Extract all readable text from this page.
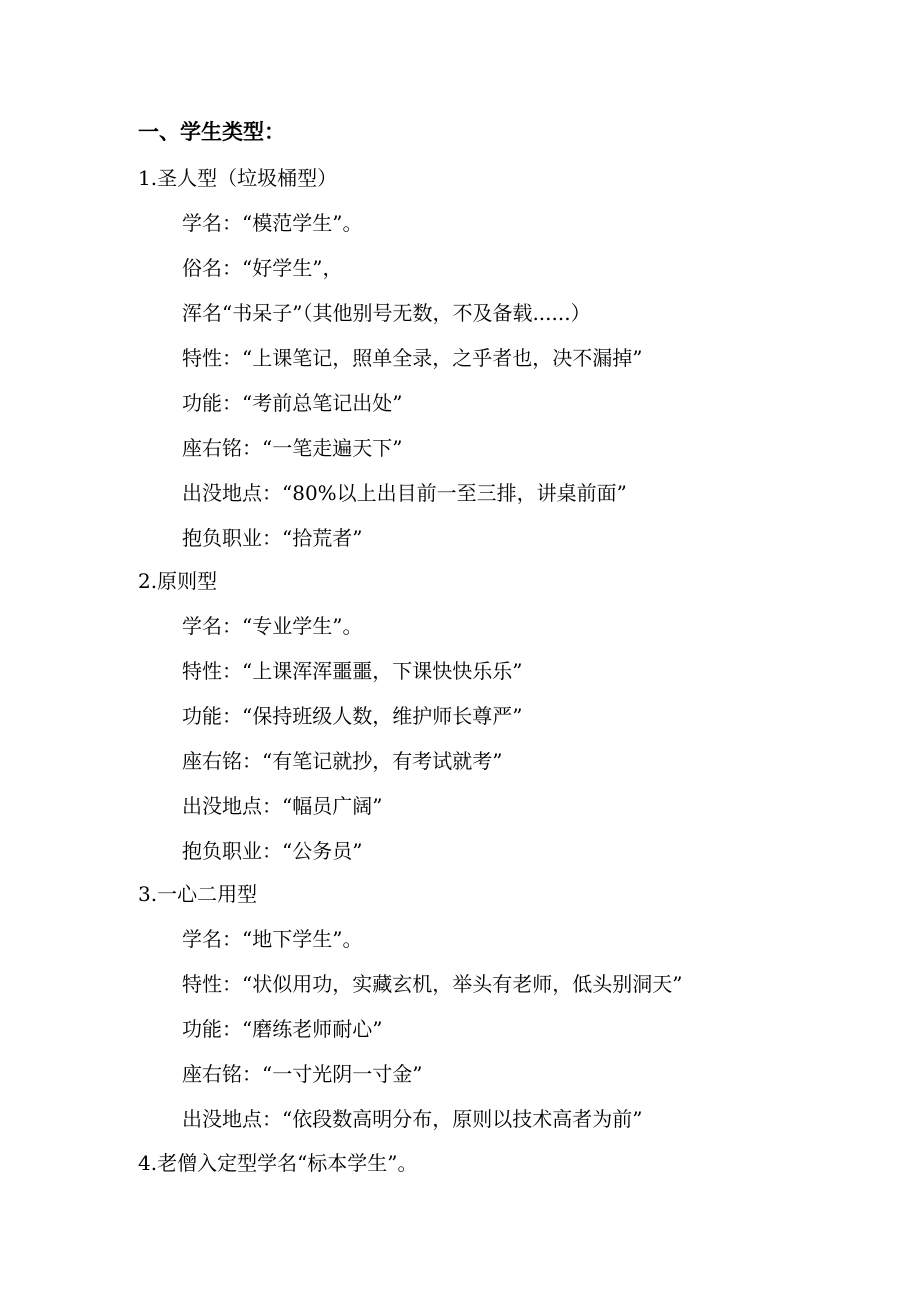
一、学生类型：
1.圣人型（垃圾桶型）
学名：“模范学生”。
俗名：“好学生”，
浑名“书呆子”（其他别号无数，不及备载......）
特性：“上课笔记，照单全录，之乎者也，决不漏掉”
功能：“考前总笔记出处”
座右铭：“一笔走遍天下”
出没地点：“80%以上出目前一至三排，讲桌前面”
抱负职业：“拾荒者”
2.原则型
学名：“专业学生”。
特性：“上课浑浑噩噩，下课快快乐乐”
功能：“保持班级人数，维护师长尊严”
座右铭：“有笔记就抄，有考试就考”
出没地点：“幅员广阔”
抱负职业：“公务员”
3.一心二用型
学名：“地下学生”。
特性：“状似用功，实藏玄机，举头有老师，低头别洞天”
功能：“磨练老师耐心”
座右铭：“一寸光阴一寸金”
出没地点：“依段数高明分布，原则以技术高者为前”
4.老僧入定型学名“标本学生”。
